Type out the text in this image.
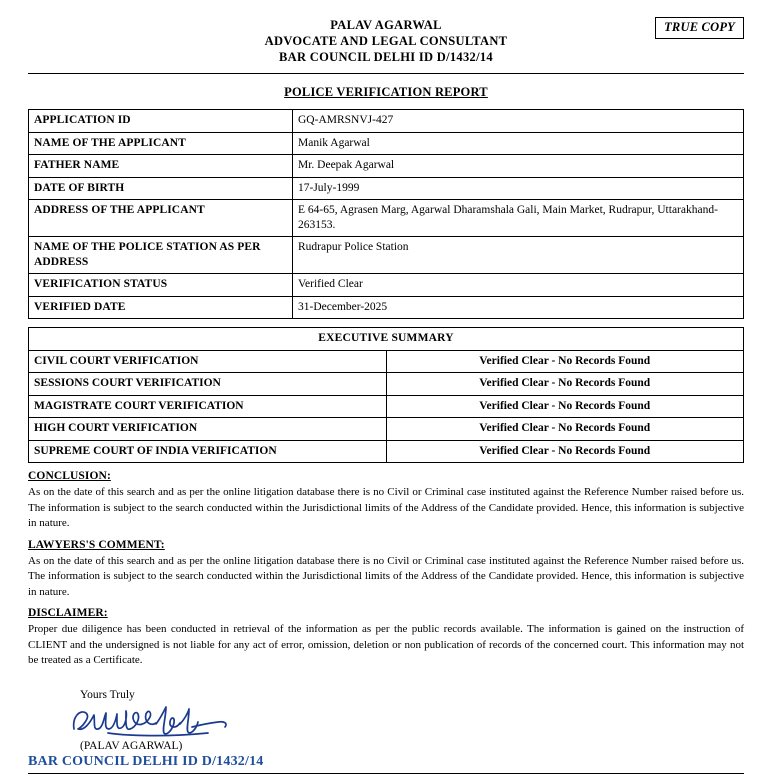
TRUE COPY
PALAV AGARWAL
ADVOCATE AND LEGAL CONSULTANT
BAR COUNCIL DELHI ID D/1432/14
POLICE VERIFICATION REPORT
APPLICATION ID	GQ-AMRSNVJ-427
NAME OF THE APPLICANT	Manik Agarwal
FATHER NAME	Mr. Deepak Agarwal
DATE OF BIRTH	17-July-1999
ADDRESS OF THE APPLICANT	E 64-65, Agrasen Marg, Agarwal Dharamshala Gali, Main Market, Rudrapur, Uttarakhand-263153.
NAME OF THE POLICE STATION AS PER ADDRESS	Rudrapur Police Station
VERIFICATION STATUS	Verified Clear
VERIFIED DATE	31-December-2025
EXECUTIVE SUMMARY	
CIVIL COURT VERIFICATION	Verified Clear - No Records Found
SESSIONS COURT VERIFICATION	Verified Clear - No Records Found
MAGISTRATE COURT VERIFICATION	Verified Clear - No Records Found
HIGH COURT VERIFICATION	Verified Clear - No Records Found
SUPREME COURT OF INDIA VERIFICATION	Verified Clear - No Records Found
CONCLUSION:
As on the date of this search and as per the online litigation database there is no Civil or Criminal case instituted against the Reference Number raised before us. The information is subject to the search conducted within the Jurisdictional limits of the Address of the Candidate provided. Hence, this information is subjective in nature.
LAWYERS'S COMMENT:
As on the date of this search and as per the online litigation database there is no Civil or Criminal case instituted against the Reference Number raised before us. The information is subject to the search conducted within the Jurisdictional limits of the Address of the Candidate provided. Hence, this information is subjective in nature.
DISCLAIMER:
Proper due diligence has been conducted in retrieval of the information as per the public records available. The information is gained on the instruction of CLIENT and the undersigned is not liable for any act of error, omission, deletion or non publication of records of the concerned court. This information may not be treated as a Certificate.
Yours Truly
(PALAV AGARWAL)
BAR COUNCIL DELHI ID D/1432/14
